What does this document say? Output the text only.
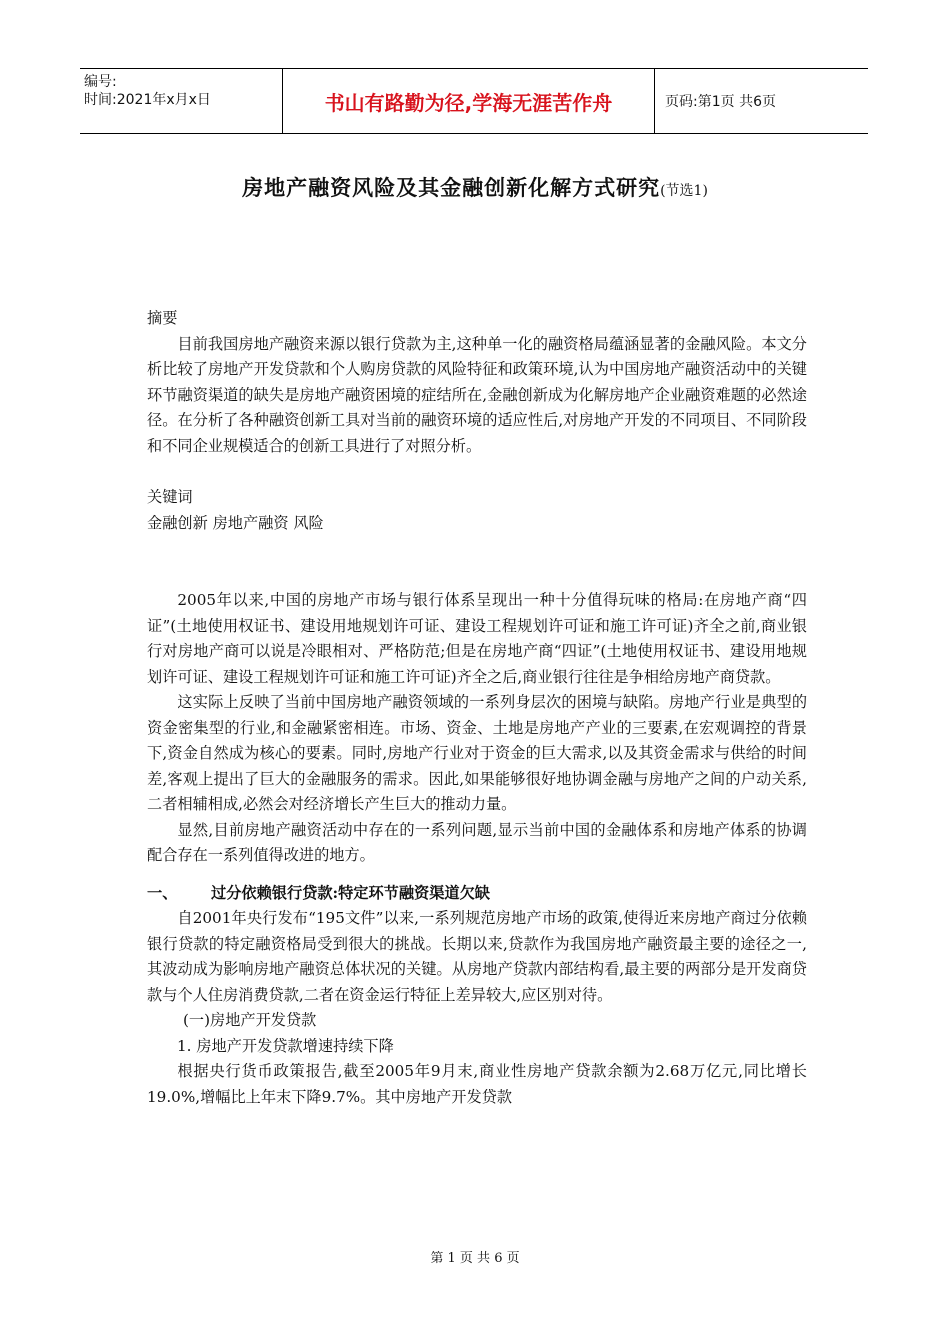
编号:
时间:2021年x月x日	书山有路勤为径,学海无涯苦作舟	页码:第1页 共6页
房地产融资风险及其金融创新化解方式研究(节选1)

摘要

目前我国房地产融资来源以银行贷款为主,这种单一化的融资格局蕴涵显著的金融风险。本文分析比较了房地产开发贷款和个人购房贷款的风险特征和政策环境,认为中国房地产融资活动中的关键环节融资渠道的缺失是房地产融资困境的症结所在,金融创新成为化解房地产企业融资难题的必然途径。在分析了各种融资创新工具对当前的融资环境的适应性后,对房地产开发的不同项目、不同阶段和不同企业规模适合的创新工具进行了对照分析。

关键词

金融创新 房地产融资 风险

2005年以来,中国的房地产市场与银行体系呈现出一种十分值得玩味的格局:在房地产商“四证”(土地使用权证书、建设用地规划许可证、建设工程规划许可证和施工许可证)齐全之前,商业银行对房地产商可以说是冷眼相对、严格防范;但是在房地产商“四证”(土地使用权证书、建设用地规划许可证、建设工程规划许可证和施工许可证)齐全之后,商业银行往往是争相给房地产商贷款。

这实际上反映了当前中国房地产融资领域的一系列身层次的困境与缺陷。房地产行业是典型的资金密集型的行业,和金融紧密相连。市场、资金、土地是房地产产业的三要素,在宏观调控的背景下,资金自然成为核心的要素。同时,房地产行业对于资金的巨大需求,以及其资金需求与供给的时间差,客观上提出了巨大的金融服务的需求。因此,如果能够很好地协调金融与房地产之间的户动关系,二者相辅相成,必然会对经济增长产生巨大的推动力量。

显然,目前房地产融资活动中存在的一系列问题,显示当前中国的金融体系和房地产体系的协调配合存在一系列值得改进的地方。

一、	过分依赖银行贷款:特定环节融资渠道欠缺

自2001年央行发布“195文件”以来,一系列规范房地产市场的政策,使得近来房地产商过分依赖银行贷款的特定融资格局受到很大的挑战。长期以来,贷款作为我国房地产融资最主要的途径之一,其波动成为影响房地产融资总体状况的关键。从房地产贷款内部结构看,最主要的两部分是开发商贷款与个人住房消费贷款,二者在资金运行特征上差异较大,应区别对待。

(一)房地产开发贷款

1. 房地产开发贷款增速持续下降

根据央行货币政策报告,截至2005年9月末,商业性房地产贷款余额为2.68万亿元,同比增长19.0%,增幅比上年末下降9.7%。其中房地产开发贷款

第 1 页 共 6 页
